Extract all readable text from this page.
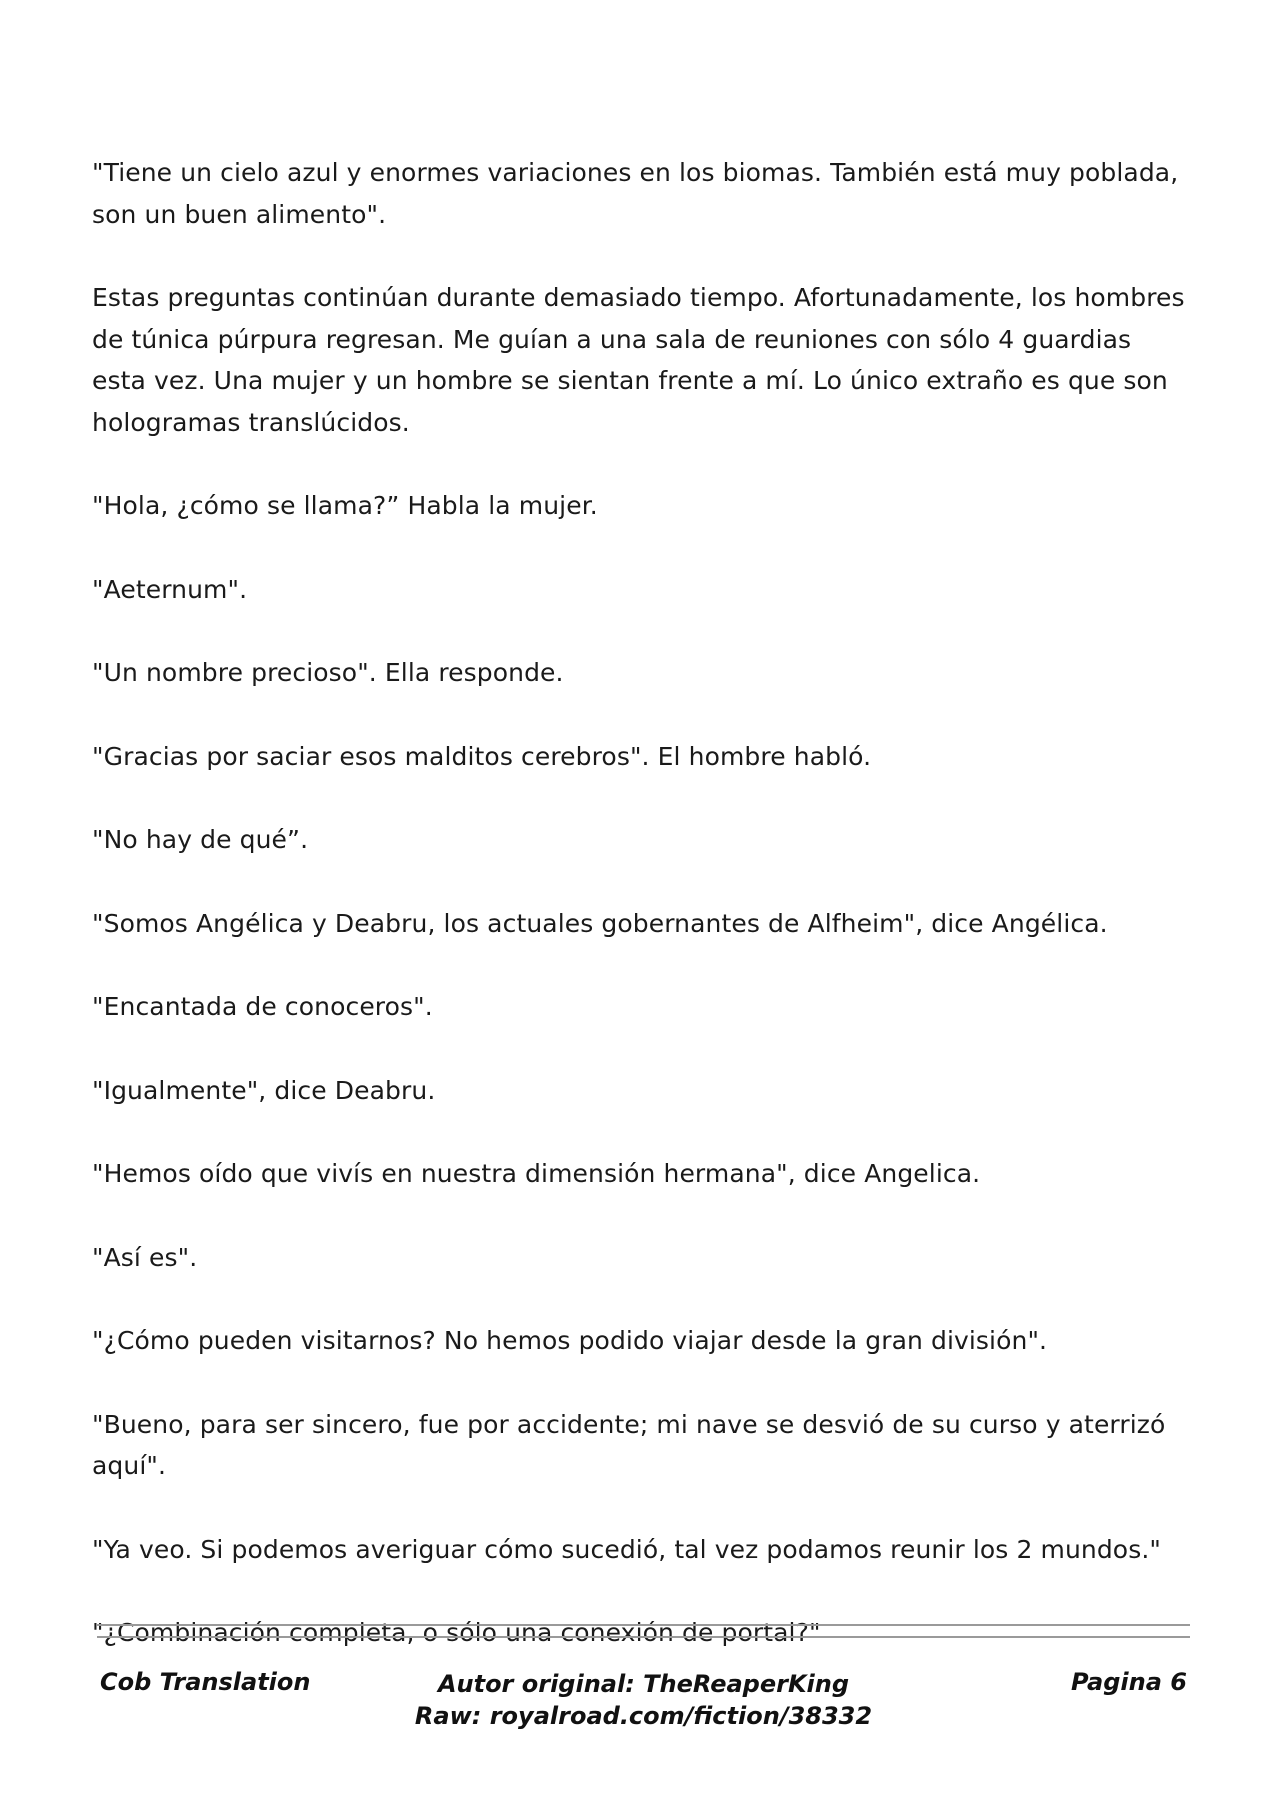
"Tiene un cielo azul y enormes variaciones en los biomas. También está muy poblada, son un buen alimento".

Estas preguntas continúan durante demasiado tiempo. Afortunadamente, los hombres de túnica púrpura regresan. Me guían a una sala de reuniones con sólo 4 guardias esta vez. Una mujer y un hombre se sientan frente a mí. Lo único extraño es que son hologramas translúcidos.

"Hola, ¿cómo se llama?” Habla la mujer.

"Aeternum".

"Un nombre precioso". Ella responde.

"Gracias por saciar esos malditos cerebros". El hombre habló.

"No hay de qué”.

"Somos Angélica y Deabru, los actuales gobernantes de Alfheim", dice Angélica.

"Encantada de conoceros".

"Igualmente", dice Deabru.

"Hemos oído que vivís en nuestra dimensión hermana", dice Angelica.

"Así es".

"¿Cómo pueden visitarnos? No hemos podido viajar desde la gran división".

"Bueno, para ser sincero, fue por accidente; mi nave se desvió de su curso y aterrizó aquí".

"Ya veo. Si podemos averiguar cómo sucedió, tal vez podamos reunir los 2 mundos."

"¿Combinación completa, o sólo una conexión de portal?"

Cob Translation	Autor original: TheReaperKing
Raw: royalroad.com/fiction/38332
Pagina 6
